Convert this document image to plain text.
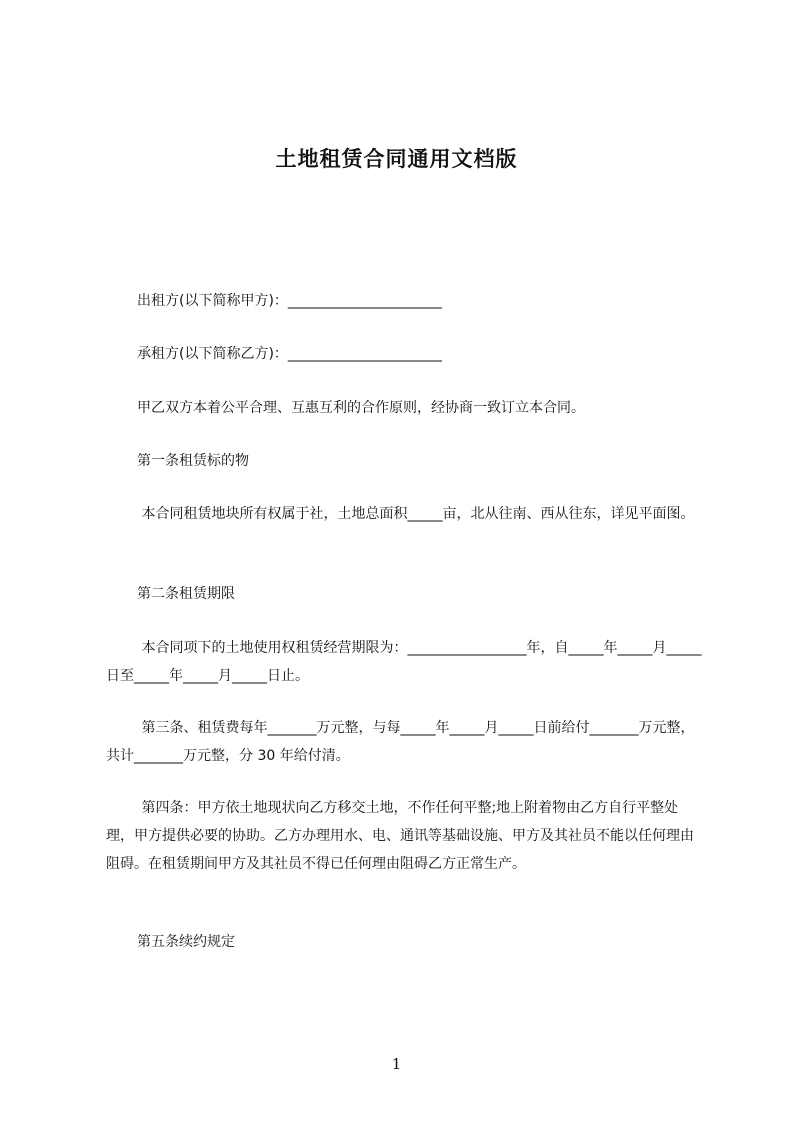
土地租赁合同通用文档版

出租方(以下简称甲方)：______________________

承租方(以下简称乙方)：______________________

甲乙双方本着公平合理、互惠互利的合作原则，经协商一致订立本合同。

第一条租赁标的物

本合同租赁地块所有权属于社，土地总面积_____亩，北从往南、西从往东，详见平面图。

第二条租赁期限

本合同项下的土地使用权租赁经营期限为：_________________年，自_____年_____月_____日至_____年_____月_____日止。

第三条、租赁费每年_______万元整，与每_____年_____月_____日前给付_______万元整，共计_______万元整，分 30 年给付清。

第四条：甲方依土地现状向乙方移交土地，不作任何平整;地上附着物由乙方自行平整处理，甲方提供必要的协助。乙方办理用水、电、通讯等基础设施、甲方及其社员不能以任何理由阻碍。在租赁期间甲方及其社员不得已任何理由阻碍乙方正常生产。

第五条续约规定

1
